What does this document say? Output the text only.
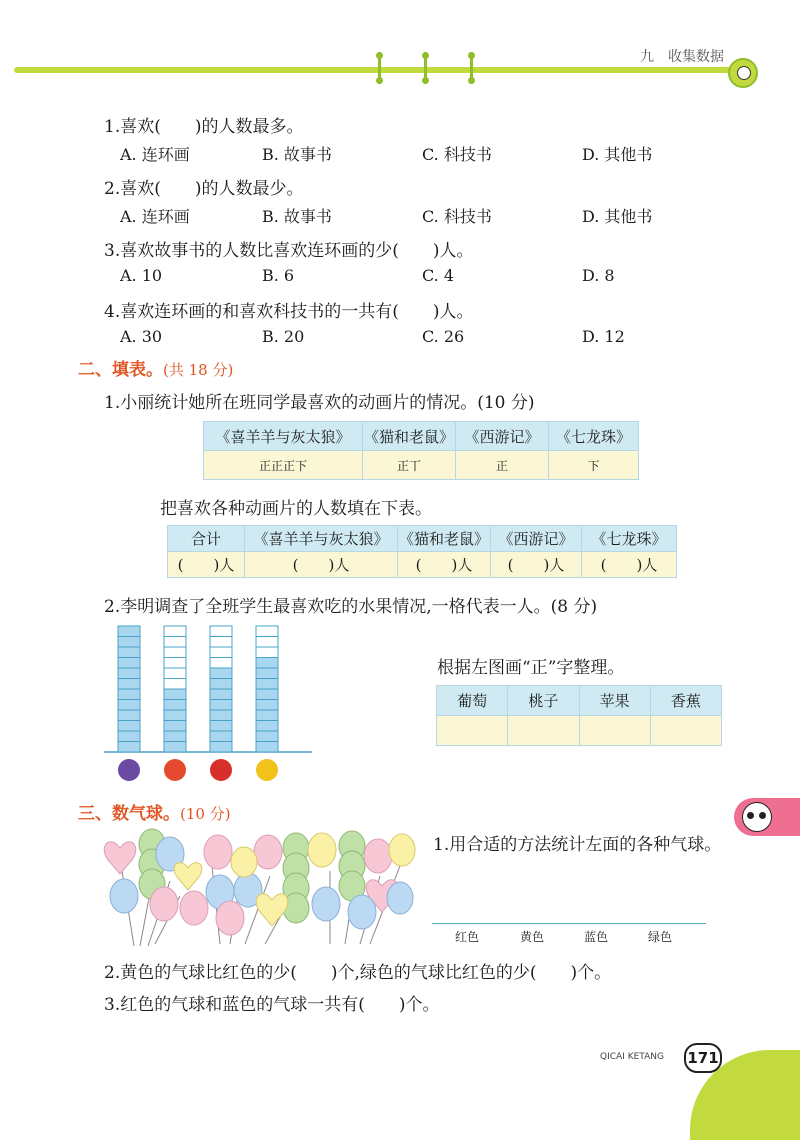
九　收集数据
1.喜欢(　　)的人数最多。
A. 连环画	B. 故事书	C. 科技书	D. 其他书
2.喜欢(　　)的人数最少。
A. 连环画	B. 故事书	C. 科技书	D. 其他书
3.喜欢故事书的人数比喜欢连环画的少(　　)人。
A. 10	B. 6	C. 4	D. 8
4.喜欢连环画的和喜欢科技书的一共有(　　)人。
A. 30	B. 20	C. 26	D. 12
二、填表。(共 18 分)
1.小丽统计她所在班同学最喜欢的动画片的情况。(10 分)
《喜羊羊与灰太狼》	《猫和老鼠》	《西游记》	《七龙珠》
正正正下	正丅	正	下
把喜欢各种动画片的人数填在下表。
合计	《喜羊羊与灰太狼》	《猫和老鼠》	《西游记》	《七龙珠》
(　　)人	(　　)人	(　　)人	(　　)人	(　　)人
2.李明调查了全班学生最喜欢吃的水果情况,一格代表一人。(8 分)
根据左图画“正”字整理。
葡萄	桃子	苹果	香蕉

三、数气球。(10 分)
1.用合适的方法统计左面的各种气球。
红色	黄色	蓝色	绿色
2.黄色的气球比红色的少(　　)个,绿色的气球比红色的少(　　)个。
3.红色的气球和蓝色的气球一共有(　　)个。
QICAI KETANG 171
